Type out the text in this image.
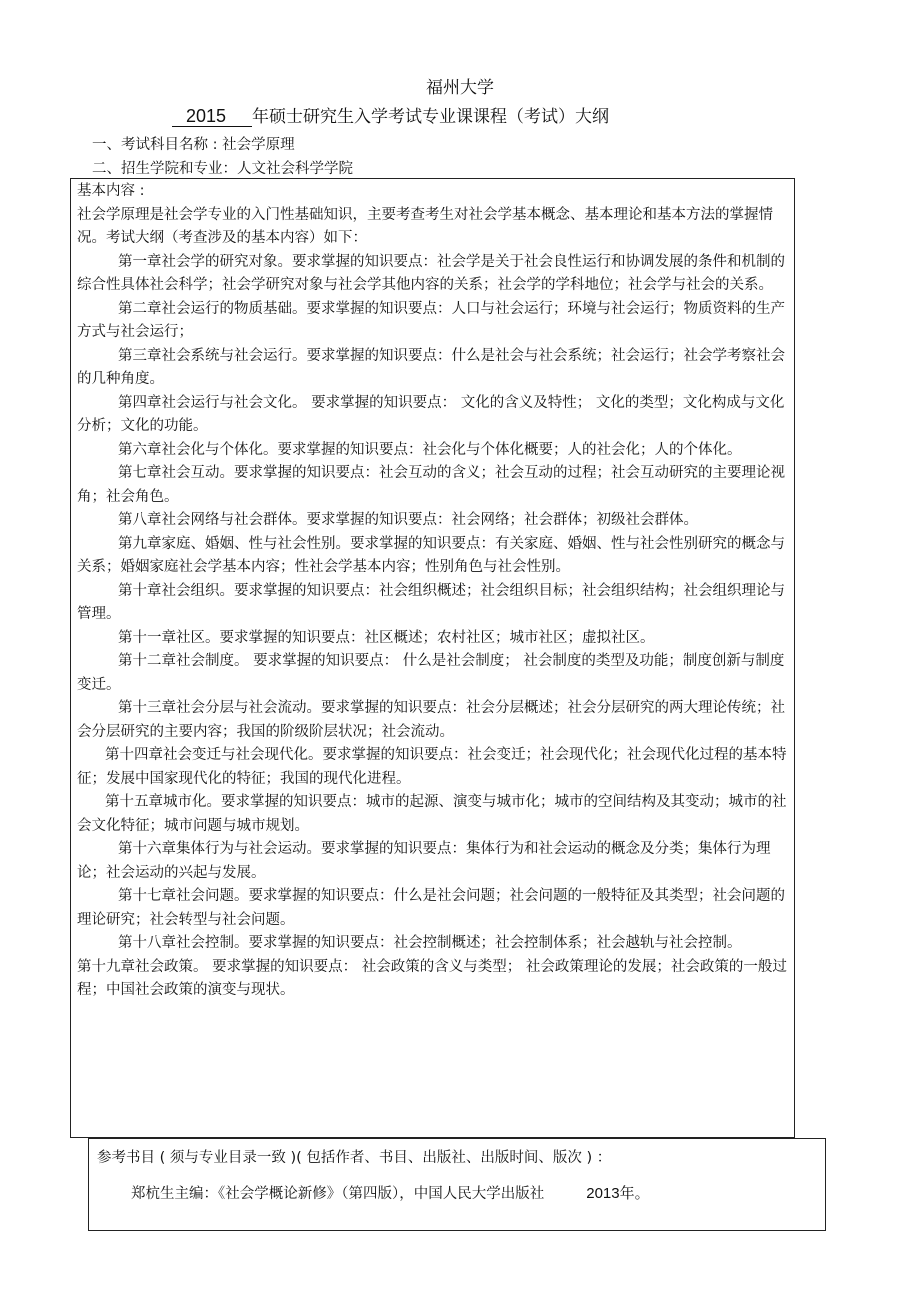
福州大学
2015 年硕士研究生入学考试专业课课程（考试）大纲
一、考试科目名称 : 社会学原理
二、招生学院和专业：人文社会科学学院

基本内容 :

社会学原理是社会学专业的入门性基础知识，主要考查考生对社会学基本概念、基本理论和基本方法的掌握情况。考试大纲（考查涉及的基本内容）如下：

第一章社会学的研究对象。要求掌握的知识要点：社会学是关于社会良性运行和协调发展的条件和机制的综合性具体社会科学；社会学研究对象与社会学其他内容的关系；社会学的学科地位；社会学与社会的关系。

第二章社会运行的物质基础。要求掌握的知识要点：人口与社会运行；环境与社会运行；物质资料的生产方式与社会运行；

第三章社会系统与社会运行。要求掌握的知识要点：什么是社会与社会系统；社会运行；社会学考察社会的几种角度。

第四章社会运行与社会文化。 要求掌握的知识要点： 文化的含义及特性； 文化的类型；文化构成与文化分析；文化的功能。

第六章社会化与个体化。要求掌握的知识要点：社会化与个体化概要；人的社会化；人的个体化。

第七章社会互动。要求掌握的知识要点：社会互动的含义；社会互动的过程；社会互动研究的主要理论视角；社会角色。

第八章社会网络与社会群体。要求掌握的知识要点：社会网络；社会群体；初级社会群体。

第九章家庭、婚姻、性与社会性别。要求掌握的知识要点：有关家庭、婚姻、性与社会性别研究的概念与关系；婚姻家庭社会学基本内容；性社会学基本内容；性别角色与社会性别。

第十章社会组织。要求掌握的知识要点：社会组织概述；社会组织目标；社会组织结构；社会组织理论与管理。

第十一章社区。要求掌握的知识要点：社区概述；农村社区；城市社区；虚拟社区。

第十二章社会制度。 要求掌握的知识要点： 什么是社会制度； 社会制度的类型及功能；制度创新与制度变迁。

第十三章社会分层与社会流动。要求掌握的知识要点：社会分层概述；社会分层研究的两大理论传统；社会分层研究的主要内容；我国的阶级阶层状况；社会流动。

第十四章社会变迁与社会现代化。要求掌握的知识要点：社会变迁；社会现代化；社会现代化过程的基本特征；发展中国家现代化的特征；我国的现代化进程。

第十五章城市化。要求掌握的知识要点：城市的起源、演变与城市化；城市的空间结构及其变动；城市的社会文化特征；城市问题与城市规划。

第十六章集体行为与社会运动。要求掌握的知识要点：集体行为和社会运动的概念及分类；集体行为理论；社会运动的兴起与发展。

第十七章社会问题。要求掌握的知识要点：什么是社会问题；社会问题的一般特征及其类型；社会问题的理论研究；社会转型与社会问题。

第十八章社会控制。要求掌握的知识要点：社会控制概述；社会控制体系；社会越轨与社会控制。

第十九章社会政策。 要求掌握的知识要点： 社会政策的含义与类型； 社会政策理论的发展；社会政策的一般过程；中国社会政策的演变与现状。

参考书目 ( 须与专业目录一致 )( 包括作者、书目、出版社、出版时间、版次 ) ：
郑杭生主编：《社会学概论新修》（第四版），中国人民大学出版社	2013年。
